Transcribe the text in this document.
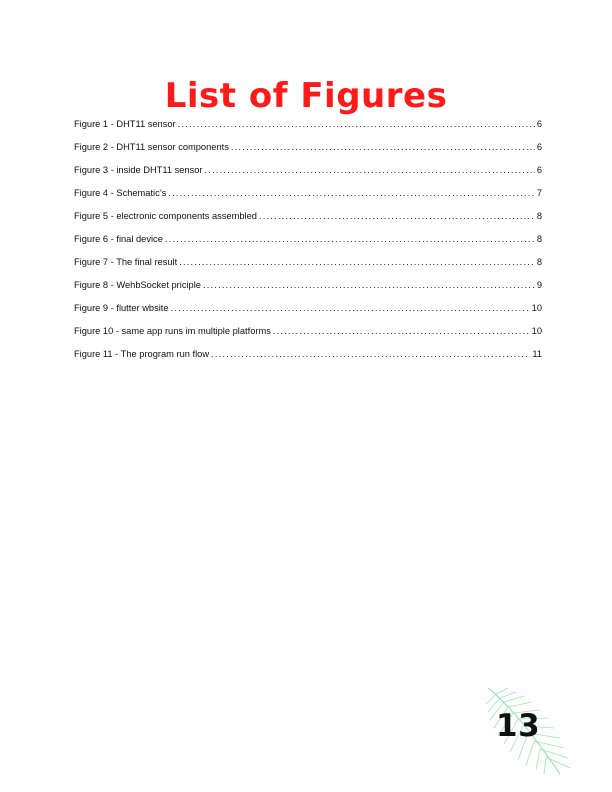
List of Figures
Figure 1 - DHT11 sensor .....	6
Figure 2 - DHT11 sensor components .....	6
Figure 3 - inside DHT11 sensor .....	6
Figure 4 - Schematic’s .....	7
Figure 5 - electronic components assembled .....	8
Figure 6 - final device .....	8
Figure 7 - The final result .....	8
Figure 8 - WehbSocket priciple .....	9
Figure 9 - flutter wbsite .....	10
Figure 10 - same app runs im multiple platforms .....	10
Figure 11 - The program run flow .....	11
13
